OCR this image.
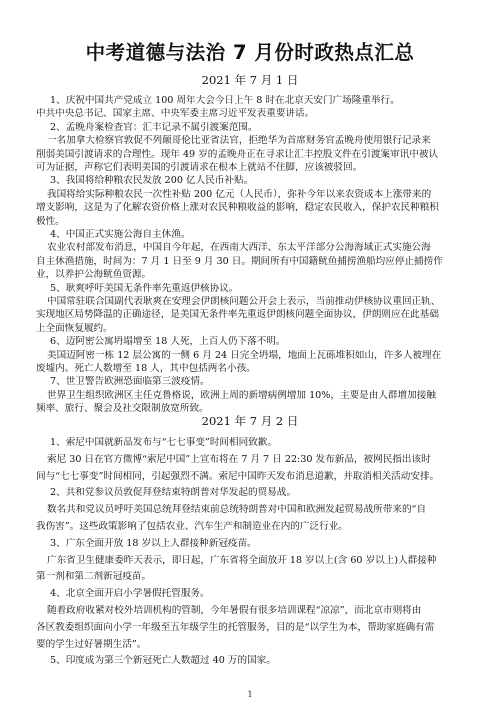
中考道德与法治 7 月份时政热点汇总
2021 年 7 月 1 日
1、庆祝中国共产党成立 100 周年大会今日上午 8 时在北京天安门广场隆重举行。
中共中央总书记、国家主席、中央军委主席习近平发表重要讲话。
2、孟晚舟案检查官：汇丰记录不属引渡案范围。
一名加拿大检察官敦促不列颠哥伦比亚省法官，拒绝华为首席财务官孟晚舟使用银行记录来
削弱美国引渡请求的合理性。现年 49 岁的孟晚舟正在寻求让汇丰控股文件在引渡案审讯中被认
可为证据，声称它们表明美国的引渡请求在根本上就站不住脚，应该被驳回。
3、我国将给种粮农民发放 200 亿人民币补贴。
我国将给实际种粮农民一次性补贴 200 亿元（人民币），弥补今年以来农资成本上涨带来的
增支影响，这是为了化解农资价格上涨对农民种粮收益的影响，稳定农民收入，保护农民种粮积
极性。
4、中国正式实施公海自主休渔。
农业农村部发布消息，中国自今年起，在西南大西洋、东太平洋部分公海海域正式实施公海
自主休渔措施，时间为：7 月 1 日至 9 月 30 日。期间所有中国籍鱿鱼捕捞渔船均应停止捕捞作
业，以养护公海鱿鱼资源。
5、耿爽呼吁美国无条件率先重返伊核协议。
中国常驻联合国副代表耿爽在安理会伊朗核问题公开会上表示，当前推动伊核协议重回正轨、
实现地区局势降温的正确途径，是美国无条件率先重返伊朗核问题全面协议，伊朗则应在此基础
上全面恢复履约。
6、迈阿密公寓坍塌增至 18 人死，上百人仍下落不明。
美国迈阿密一栋 12 层公寓的一侧 6 月 24 日完全坍塌，地面上瓦砾堆积如山，许多人被埋在
废墟内。死亡人数增至 18 人，其中包括两名小孩。
7、世卫警告欧洲恐面临第三波疫情。
世界卫生组织欧洲区主任克鲁格说，欧洲上周的新增病例增加 10%，主要是由人群增加接触
频率、旅行、聚会及社交限制放宽所致。
2021 年 7 月 2 日
1、索尼中国就新品发布与“七七事变”时间相同致歉。
索尼 30 日在官方微博“索尼中国”上宣布将在 7 月 7 日 22:30 发布新品，被网民指出该时
间与“七七事变”时间相同，引起强烈不满。索尼中国昨天发布消息道歉，并取消相关活动安排。
2、共和党参议员敦促拜登结束特朗普对华发起的贸易战。
数名共和党议员呼吁美国总统拜登结束前总统特朗普对中国和欧洲发起贸易战所带来的“自
我伤害”。这些政策影响了包括农业、汽车生产和制造业在内的广泛行业。
3、广东全面开放 18 岁以上人群接种新冠疫苗。
广东省卫生健康委昨天表示，即日起，广东省将全面放开 18 岁以上(含 60 岁以上)人群接种
第一剂和第二剂新冠疫苗。
4、北京全面开启小学暑假托管服务。
随着政府收紧对校外培训机构的管制，今年暑假有很多培训课程“凉凉”，而北京市则将由
各区教委组织面向小学一年级至五年级学生的托管服务，目的是“以学生为本，帮助家庭确有需
要的学生过好暑期生活”。
5、印度成为第三个新冠死亡人数超过 40 万的国家。
1
